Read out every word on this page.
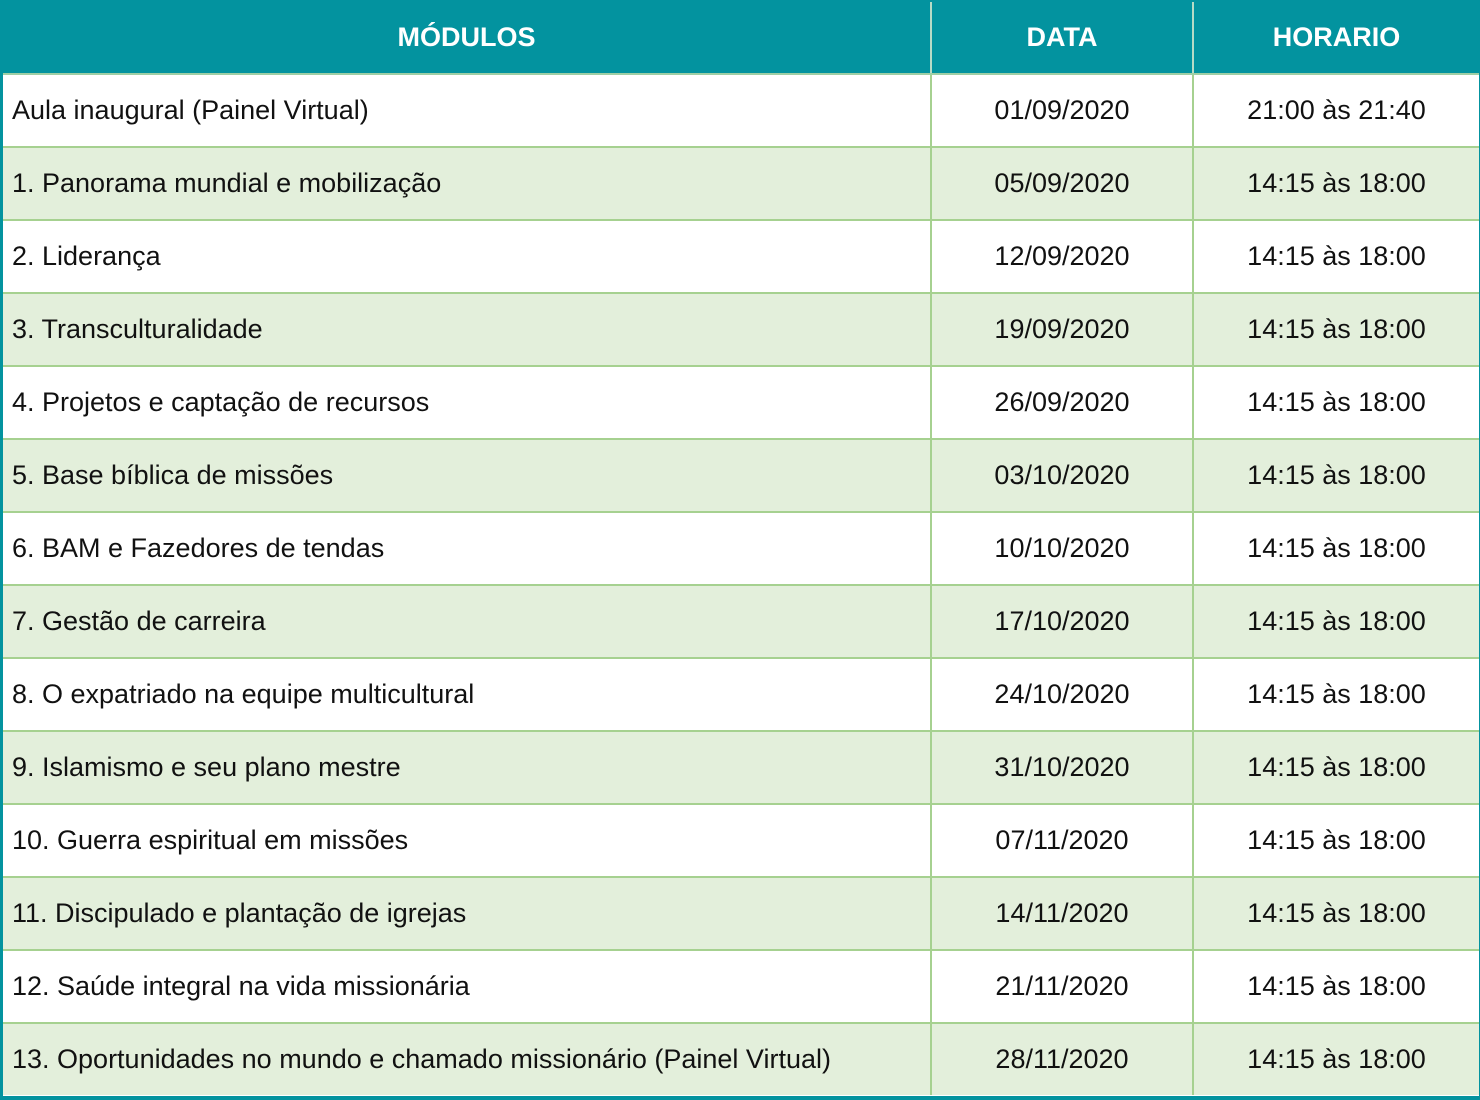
MÓDULOS	DATA	HORARIO
Aula inaugural (Painel Virtual)	01/09/2020	21:00 às 21:40
1. Panorama mundial e mobilização	05/09/2020	14:15 às 18:00
2. Liderança	12/09/2020	14:15 às 18:00
3. Transculturalidade	19/09/2020	14:15 às 18:00
4. Projetos e captação de recursos	26/09/2020	14:15 às 18:00
5. Base bíblica de missões	03/10/2020	14:15 às 18:00
6. BAM e Fazedores de tendas	10/10/2020	14:15 às 18:00
7. Gestão de carreira	17/10/2020	14:15 às 18:00
8. O expatriado na equipe multicultural	24/10/2020	14:15 às 18:00
9. Islamismo e seu plano mestre	31/10/2020	14:15 às 18:00
10. Guerra espiritual em missões	07/11/2020	14:15 às 18:00
11. Discipulado e plantação de igrejas	14/11/2020	14:15 às 18:00
12. Saúde integral na vida missionária	21/11/2020	14:15 às 18:00
13. Oportunidades no mundo e chamado missionário (Painel Virtual)	28/11/2020	14:15 às 18:00
